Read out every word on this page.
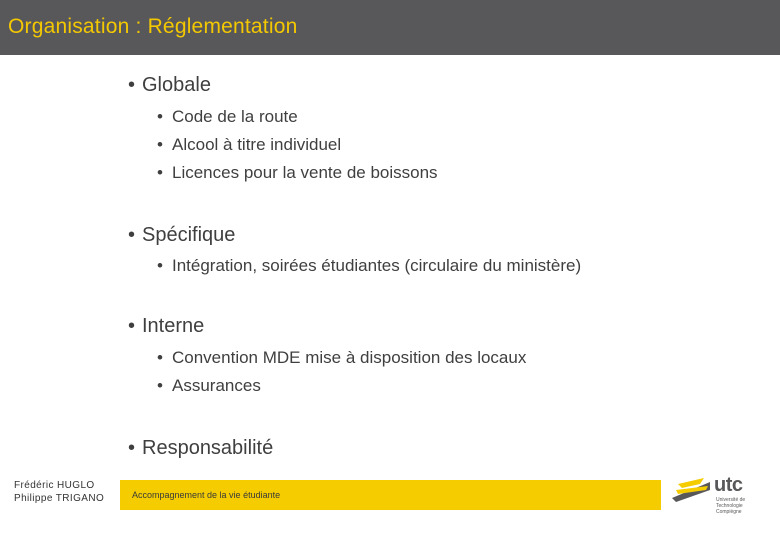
Organisation : Réglementation
• Globale
• Code de la route
• Alcool à titre individuel
• Licences pour la vente de boissons
• Spécifique
• Intégration, soirées étudiantes (circulaire du ministère)
• Interne
• Convention MDE mise à disposition des locaux
• Assurances
• Responsabilité
Frédéric HUGLO
Philippe TRIGANO	Accompagnement de la vie étudiante	utc
Université de Technologie
Compiègne
